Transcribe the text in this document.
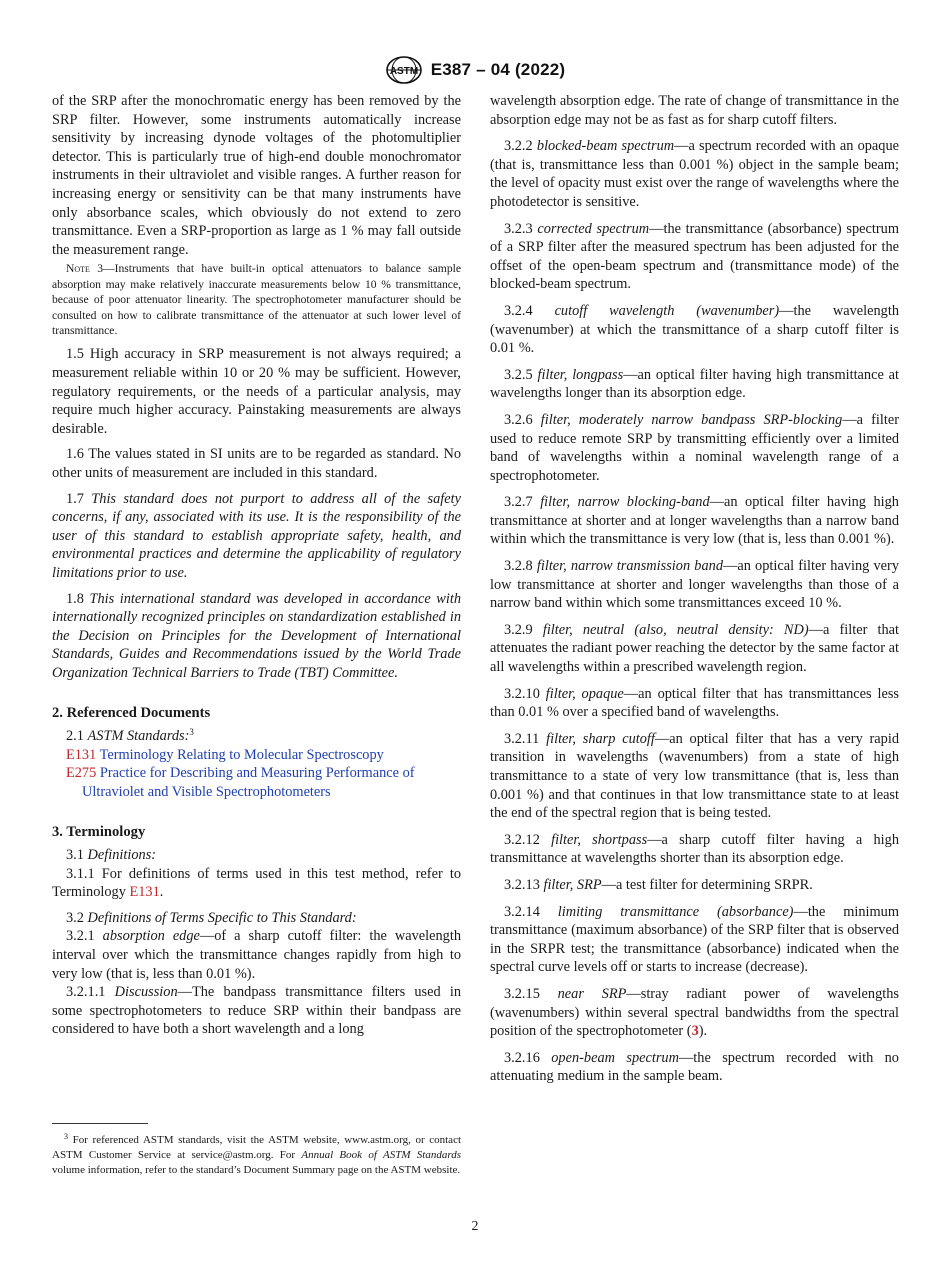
ASTM E387 – 04 (2022)

of the SRP after the monochromatic energy has been removed by the SRP filter. However, some instruments automatically increase sensitivity by increasing dynode voltages of the photomultiplier detector. This is particularly true of high-end double monochromator instruments in their ultraviolet and visible ranges. A further reason for increasing energy or sensitivity can be that many instruments have only absorbance scales, which obviously do not extend to zero transmittance. Even a SRP-proportion as large as 1 % may fall outside the measurement range.

Note 3—Instruments that have built-in optical attenuators to balance sample absorption may make relatively inaccurate measurements below 10 % transmittance, because of poor attenuator linearity. The spectrophotometer manufacturer should be consulted on how to calibrate transmittance of the attenuator at such lower level of transmittance.

1.5 High accuracy in SRP measurement is not always required; a measurement reliable within 10 or 20 % may be sufficient. However, regulatory requirements, or the needs of a particular analysis, may require much higher accuracy. Painstaking measurements are always desirable.

1.6 The values stated in SI units are to be regarded as standard. No other units of measurement are included in this standard.

1.7 This standard does not purport to address all of the safety concerns, if any, associated with its use. It is the responsibility of the user of this standard to establish appropriate safety, health, and environmental practices and determine the applicability of regulatory limitations prior to use.

1.8 This international standard was developed in accordance with internationally recognized principles on standardization established in the Decision on Principles for the Development of International Standards, Guides and Recommendations issued by the World Trade Organization Technical Barriers to Trade (TBT) Committee.

2. Referenced Documents

2.1 ASTM Standards:$^3$

E131 Terminology Relating to Molecular Spectroscopy

E275 Practice for Describing and Measuring Performance of Ultraviolet and Visible Spectrophotometers

3. Terminology

3.1 Definitions:

3.1.1 For definitions of terms used in this test method, refer to Terminology E131.

3.2 Definitions of Terms Specific to This Standard:

3.2.1 absorption edge—of a sharp cutoff filter: the wavelength interval over which the transmittance changes rapidly from high to very low (that is, less than 0.01 %).

3.2.1.1 Discussion—The bandpass transmittance filters used in some spectrophotometers to reduce SRP within their bandpass are considered to have both a short wavelength and a long

$^3$ For referenced ASTM standards, visit the ASTM website, www.astm.org, or contact ASTM Customer Service at service@astm.org. For Annual Book of ASTM Standards volume information, refer to the standard’s Document Summary page on the ASTM website.

wavelength absorption edge. The rate of change of transmittance in the absorption edge may not be as fast as for sharp cutoff filters.

3.2.2 blocked-beam spectrum—a spectrum recorded with an opaque (that is, transmittance less than 0.001 %) object in the sample beam; the level of opacity must exist over the range of wavelengths where the photodetector is sensitive.

3.2.3 corrected spectrum—the transmittance (absorbance) spectrum of a SRP filter after the measured spectrum has been adjusted for the offset of the open-beam spectrum and (transmittance mode) of the blocked-beam spectrum.

3.2.4 cutoff wavelength (wavenumber)—the wavelength (wavenumber) at which the transmittance of a sharp cutoff filter is 0.01 %.

3.2.5 filter, longpass—an optical filter having high transmittance at wavelengths longer than its absorption edge.

3.2.6 filter, moderately narrow bandpass SRP-blocking—a filter used to reduce remote SRP by transmitting efficiently over a limited band of wavelengths within a nominal wavelength range of a spectrophotometer.

3.2.7 filter, narrow blocking-band—an optical filter having high transmittance at shorter and at longer wavelengths than a narrow band within which the transmittance is very low (that is, less than 0.001 %).

3.2.8 filter, narrow transmission band—an optical filter having very low transmittance at shorter and longer wavelengths than those of a narrow band within which some transmittances exceed 10 %.

3.2.9 filter, neutral (also, neutral density: ND)—a filter that attenuates the radiant power reaching the detector by the same factor at all wavelengths within a prescribed wavelength region.

3.2.10 filter, opaque—an optical filter that has transmittances less than 0.01 % over a specified band of wavelengths.

3.2.11 filter, sharp cutoff—an optical filter that has a very rapid transition in wavelengths (wavenumbers) from a state of high transmittance to a state of very low transmittance (that is, less than 0.001 %) and that continues in that low transmittance state to at least the end of the spectral region that is being tested.

3.2.12 filter, shortpass—a sharp cutoff filter having a high transmittance at wavelengths shorter than its absorption edge.

3.2.13 filter, SRP—a test filter for determining SRPR.

3.2.14 limiting transmittance (absorbance)—the minimum transmittance (maximum absorbance) of the SRP filter that is observed in the SRPR test; the transmittance (absorbance) indicated when the spectral curve levels off or starts to increase (decrease).

3.2.15 near SRP—stray radiant power of wavelengths (wavenumbers) within several spectral bandwidths from the spectral position of the spectrophotometer (3).

3.2.16 open-beam spectrum—the spectrum recorded with no attenuating medium in the sample beam.

2
